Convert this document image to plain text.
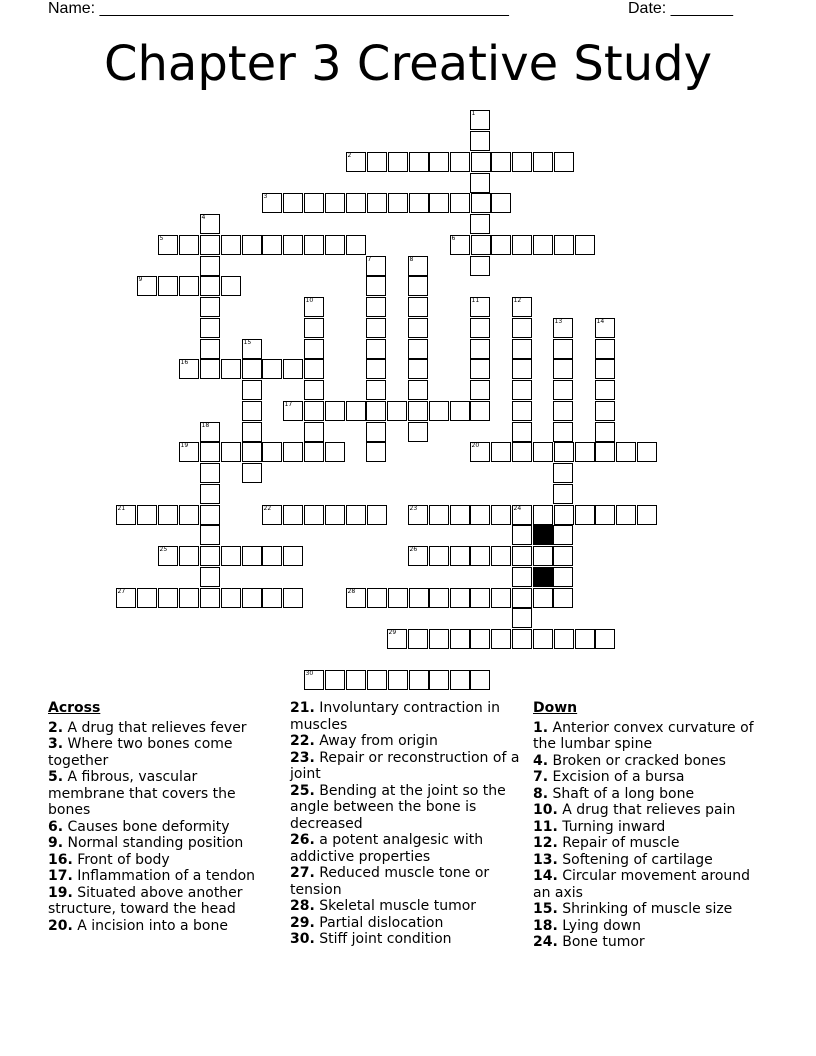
Name: ______________________________________________	Date: _______
Chapter 3 Creative Study
1
2
3
4
5	6
7	8
9
10	11	12
13	14
15
16
17
18
19	20
21	22	23	24
25	26
27	28
29
30
Across
2. A drug that relieves fever
3. Where two bones come together
5. A fibrous, vascular membrane that covers the bones
6. Causes bone deformity
9. Normal standing position
16. Front of body
17. Inflammation of a tendon
19. Situated above another structure, toward the head
20. A incision into a bone
21. Involuntary contraction in muscles
22. Away from origin
23. Repair or reconstruction of a joint
25. Bending at the joint so the angle between the bone is decreased
26. a potent analgesic with addictive properties
27. Reduced muscle tone or tension
28. Skeletal muscle tumor
29. Partial dislocation
30. Stiff joint condition
Down
1. Anterior convex curvature of the lumbar spine
4. Broken or cracked bones
7. Excision of a bursa
8. Shaft of a long bone
10. A drug that relieves pain
11. Turning inward
12. Repair of muscle
13. Softening of cartilage
14. Circular movement around an axis
15. Shrinking of muscle size
18. Lying down
24. Bone tumor
